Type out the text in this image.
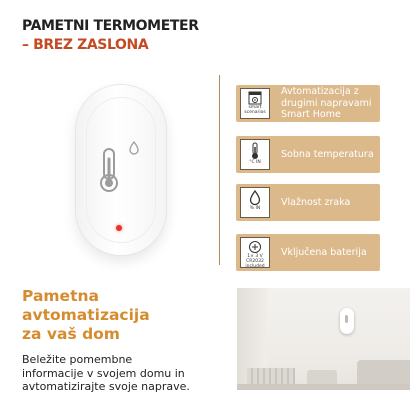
PAMETNI TERMOMETER
– BREZ ZASLONA
smart scenarios
Avtomatizacija z drugimi napravami Smart Home
°C IN
Sobna temperatura
% IN
Vlažnost zraka
1× 3 V CR2032 included
Vključena baterija
Pametna
avtomatizacija
za vaš dom
Beležite pomembne
informacije v svojem domu in
avtomatizirajte svoje naprave.
